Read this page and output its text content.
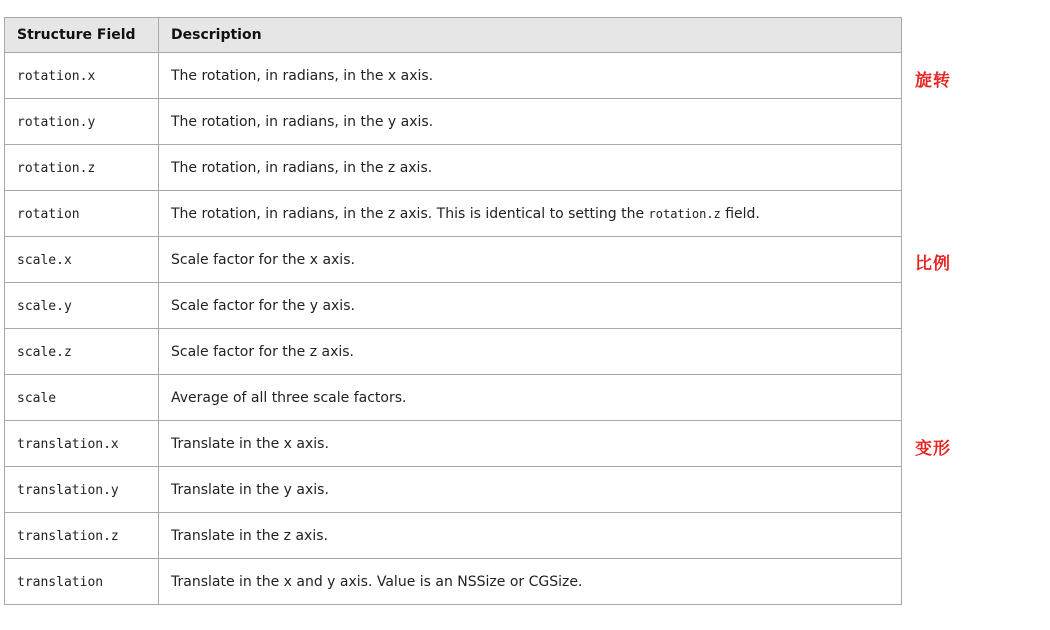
Structure Field	Description
rotation.x	The rotation, in radians, in the x axis.
rotation.y	The rotation, in radians, in the y axis.
rotation.z	The rotation, in radians, in the z axis.
rotation	The rotation, in radians, in the z axis. This is identical to setting the rotation.z field.
scale.x	Scale factor for the x axis.
scale.y	Scale factor for the y axis.
scale.z	Scale factor for the z axis.
scale	Average of all three scale factors.
translation.x	Translate in the x axis.
translation.y	Translate in the y axis.
translation.z	Translate in the z axis.
translation	Translate in the x and y axis. Value is an NSSize or CGSize.
旋转
比例
变形
